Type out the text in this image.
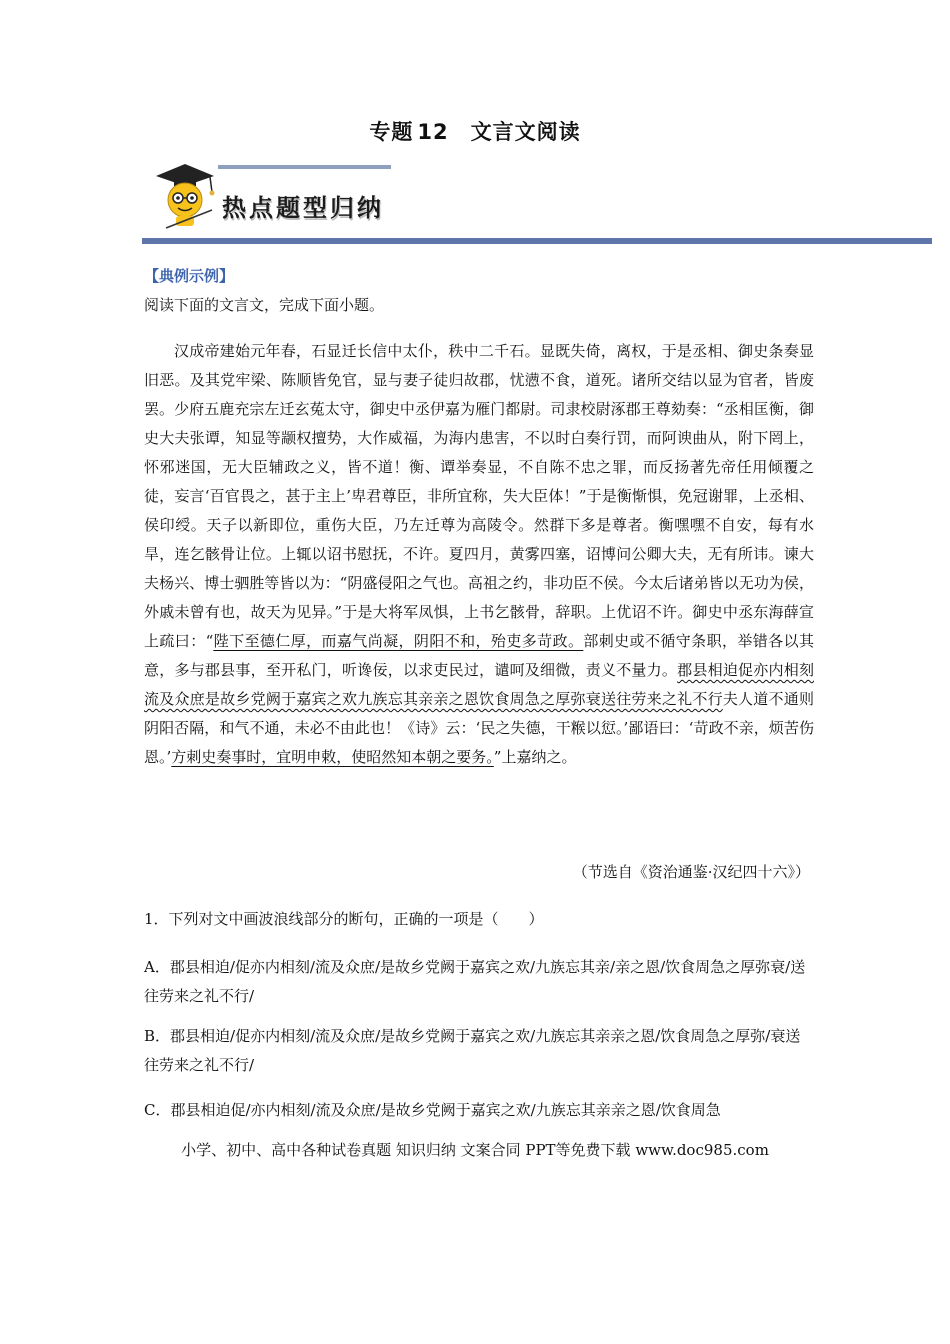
专题 12 文言文阅读
热点题型归纳
【典例示例】
阅读下面的文言文，完成下面小题。

汉成帝建始元年春，石显迁长信中太仆，秩中二千石。显既失倚，离权，于是丞相、御史条奏显旧恶。及其党牢梁、陈顺皆免官，显与妻子徒归故郡，忧懑不食，道死。诸所交结以显为官者，皆废罢。少府五鹿充宗左迁玄菟太守，御史中丞伊嘉为雁门都尉。司隶校尉涿郡王尊劾奏：“丞相匡衡，御史大夫张谭，知显等颛权擅势，大作威福，为海内患害，不以时白奏行罚，而阿谀曲从，附下罔上，怀邪迷国，无大臣辅政之义，皆不道！衡、谭举奏显，不自陈不忠之罪，而反扬著先帝任用倾覆之徒，妄言‘百官畏之，甚于主上’卑君尊臣，非所宜称，失大臣体！”于是衡惭惧，免冠谢罪，上丞相、侯印绶。天子以新即位，重伤大臣，乃左迁尊为高陵令。然群下多是尊者。衡嘿嘿不自安，每有水旱，连乞骸骨让位。上辄以诏书慰抚，不许。夏四月，黄雾四塞，诏博问公卿大夫，无有所讳。谏大夫杨兴、博士驷胜等皆以为：“阴盛侵阳之气也。高祖之约，非功臣不侯。今太后诸弟皆以无功为侯，外戚未曾有也，故天为见异。”于是大将军凤惧，上书乞骸骨，辞职。上优诏不许。御史中丞东海薛宣上疏曰：“陛下至德仁厚，而嘉气尚凝，阴阳不和，殆吏多苛政。部刺史或不循守条职，举错各以其意，多与郡县事，至开私门，听谗佞，以求吏民过，谴呵及细微，责义不量力。郡县相迫促亦内相刻流及众庶是故乡党阙于嘉宾之欢九族忘其亲亲之恩饮食周急之厚弥衰送往劳来之礼不行夫人道不通则阴阳否隔，和气不通，未必不由此也！《诗》云：‘民之失德，干糇以愆。’鄙语曰：‘苛政不亲，烦苦伤恩。’方刺史奏事时，宜明申敕，使昭然知本朝之要务。”上嘉纳之。

（节选自《资治通鉴·汉纪四十六》）
1．下列对文中画波浪线部分的断句，正确的一项是（　　）
A．郡县相迫/促亦内相刻/流及众庶/是故乡党阙于嘉宾之欢/九族忘其亲/亲之恩/饮食周急之厚弥衰/送往劳来之礼不行/
B．郡县相迫/促亦内相刻/流及众庶/是故乡党阙于嘉宾之欢/九族忘其亲亲之恩/饮食周急之厚弥/衰送往劳来之礼不行/
C．郡县相迫促/亦内相刻/流及众庶/是故乡党阙于嘉宾之欢/九族忘其亲亲之恩/饮食周急
小学、初中、高中各种试卷真题 知识归纳 文案合同 PPT等免费下载 www.doc985.com
